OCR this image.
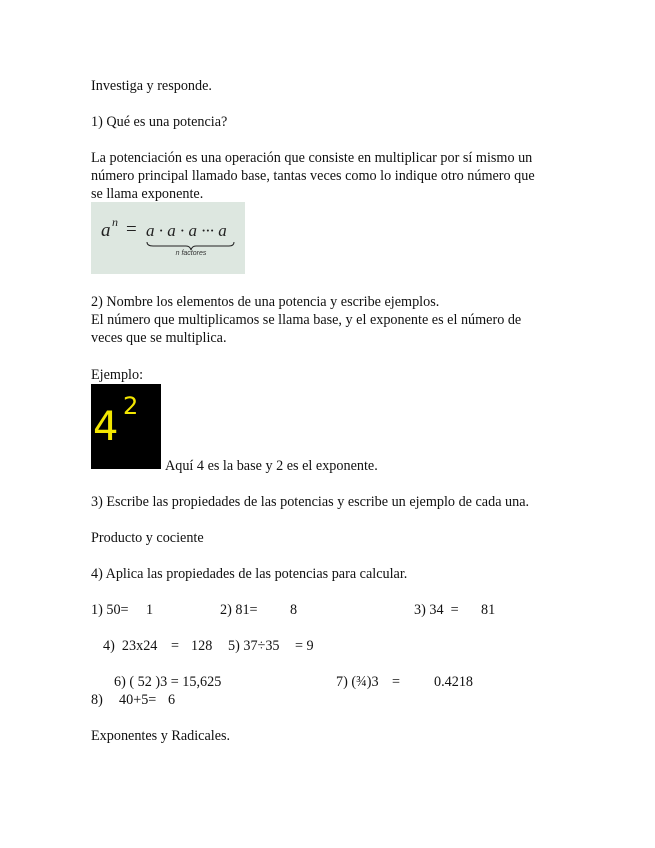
Investiga y responde.
1) Qué es una potencia?
La potenciación es una operación que consiste en multiplicar por sí mismo un
número principal llamado base, tantas veces como lo indique otro número que
se llama exponente.
a n = a · a · a ··· a
n factores
2) Nombre los elementos de una potencia y escribe ejemplos.
El número que multiplicamos se llama base, y el exponente es el número de
veces que se multiplica.
Ejemplo:
4 2
Aquí 4 es la base y 2 es el exponente.
3) Escribe las propiedades de las potencias y escribe un ejemplo de cada una.
Producto y cociente
4) Aplica las propiedades de las potencias para calcular.
1) 50= 1	2) 81= 8	3) 34  = 81
4)  23x24 = 128 5) 37÷35 = 9
6) ( 52 )3 = 15,625	7) (¾)3 = 0.4218
8) 40+5= 6
Exponentes y Radicales.
